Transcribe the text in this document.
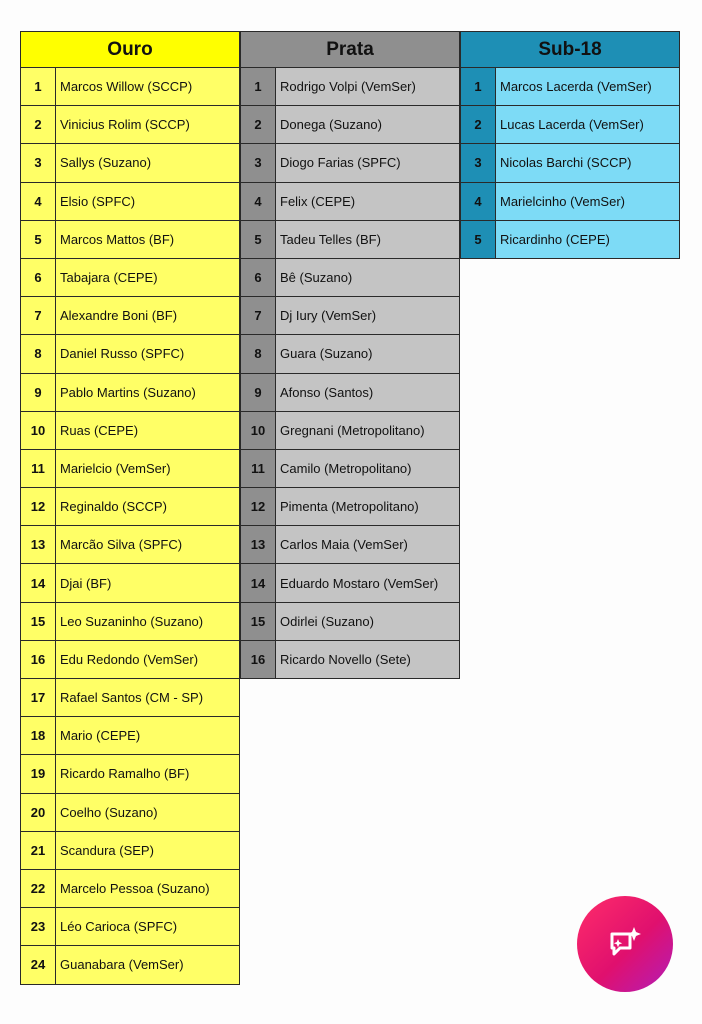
Ouro
1	Marcos Willow (SCCP)
2	Vinicius Rolim (SCCP)
3	Sallys (Suzano)
4	Elsio (SPFC)
5	Marcos Mattos (BF)
6	Tabajara (CEPE)
7	Alexandre Boni (BF)
8	Daniel Russo (SPFC)
9	Pablo Martins (Suzano)
10	Ruas (CEPE)
11	Marielcio (VemSer)
12	Reginaldo (SCCP)
13	Marcão Silva (SPFC)
14	Djai (BF)
15	Leo Suzaninho (Suzano)
16	Edu Redondo (VemSer)
17	Rafael Santos (CM - SP)
18	Mario (CEPE)
19	Ricardo Ramalho (BF)
20	Coelho (Suzano)
21	Scandura (SEP)
22	Marcelo Pessoa (Suzano)
23	Léo Carioca (SPFC)
24	Guanabara (VemSer)
Prata
1	Rodrigo Volpi (VemSer)
2	Donega (Suzano)
3	Diogo Farias (SPFC)
4	Felix (CEPE)
5	Tadeu Telles (BF)
6	Bê (Suzano)
7	Dj Iury (VemSer)
8	Guara (Suzano)
9	Afonso (Santos)
10	Gregnani (Metropolitano)
11	Camilo (Metropolitano)
12	Pimenta (Metropolitano)
13	Carlos Maia (VemSer)
14	Eduardo Mostaro (VemSer)
15	Odirlei (Suzano)
16	Ricardo Novello (Sete)
Sub-18
1	Marcos Lacerda (VemSer)
2	Lucas Lacerda (VemSer)
3	Nicolas Barchi (SCCP)
4	Marielcinho (VemSer)
5	Ricardinho (CEPE)
